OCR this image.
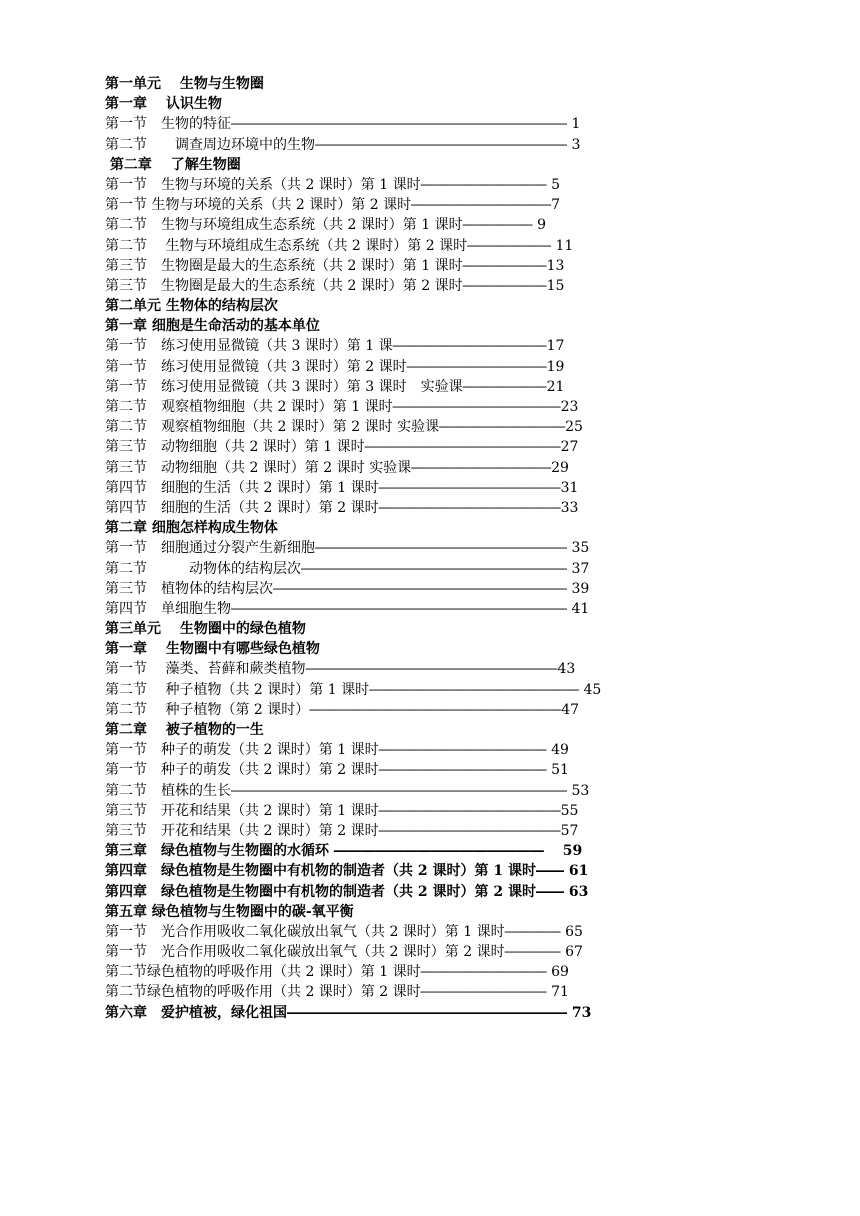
第一单元　 生物与生物圈
第一章　 认识生物
第一节　生物的特征―――――――――――――――――――――――― 1
第二节　　调查周边环境中的生物―――――――――――――――――― 3
第二章　 了解生物圈
第一节　生物与环境的关系（共 2 课时）第 1 课时――――――――― 5
第一节 生物与环境的关系（共 2 课时）第 2 课时――――――――――7
第二节　生物与环境组成生态系统（共 2 课时）第 1 课时――――― 9
第二节　 生物与环境组成生态系统（共 2 课时）第 2 课时―――――― 11
第三节　生物圈是最大的生态系统（共 2 课时）第 1 课时――――――13
第三节　生物圈是最大的生态系统（共 2 课时）第 2 课时――――――15
第二单元 生物体的结构层次
第一章 细胞是生命活动的基本单位
第一节　练习使用显微镜（共 3 课时）第 1 课―――――――――――17
第一节　练习使用显微镜（共 3 课时）第 2 课时――――――――――19
第一节　练习使用显微镜（共 3 课时）第 3 课时　实验课――――――21
第二节　观察植物细胞（共 2 课时）第 1 课时――――――――――――23
第二节　观察植物细胞（共 2 课时）第 2 课时 实验课―――――――――25
第三节　动物细胞（共 2 课时）第 1 课时――――――――――――――27
第三节　动物细胞（共 2 课时）第 2 课时 实验课――――――――――29
第四节　细胞的生活（共 2 课时）第 1 课时―――――――――――――31
第四节　细胞的生活（共 2 课时）第 2 课时―――――――――――――33
第二章 细胞怎样构成生物体
第一节　细胞通过分裂产生新细胞―――――――――――――――――― 35
第二节　　　动物体的结构层次――――――――――――――――――― 37
第三节　植物体的结构层次――――――――――――――――――――― 39
第四节　单细胞生物―――――――――――――――――――――――― 41
第三单元　 生物圈中的绿色植物
第一章　 生物圈中有哪些绿色植物
第一节　 藻类、苔藓和蕨类植物――――――――――――――――――43
第二节　 种子植物（共 2 课时）第 1 课时――――――――――――――― 45
第二节　 种子植物（第 2 课时）――――――――――――――――――47
第二章　 被子植物的一生
第一节　种子的萌发（共 2 课时）第 1 课时―――――――――――― 49
第一节　种子的萌发（共 2 课时）第 2 课时―――――――――――― 51
第二节　植株的生长―――――――――――――――――――――――― 53
第三节　开花和结果（共 2 课时）第 1 课时―――――――――――――55
第三节　开花和结果（共 2 课时）第 2 课时―――――――――――――57
第三章　绿色植物与生物圈的水循环 ―――――――――――――――　 59
第四章　绿色植物是生物圈中有机物的制造者（共 2 课时）第 1 课时―― 61
第四章　绿色植物是生物圈中有机物的制造者（共 2 课时）第 2 课时―― 63
第五章 绿色植物与生物圈中的碳-氧平衡
第一节　光合作用吸收二氧化碳放出氧气（共 2 课时）第 1 课时―――― 65
第一节　光合作用吸收二氧化碳放出氧气（共 2 课时）第 2 课时―――― 67
第二节绿色植物的呼吸作用（共 2 课时）第 1 课时――――――――― 69
第二节绿色植物的呼吸作用（共 2 课时）第 2 课时――――――――― 71
第六章　爱护植被，绿化祖国―――――――――――――――――――― 73
